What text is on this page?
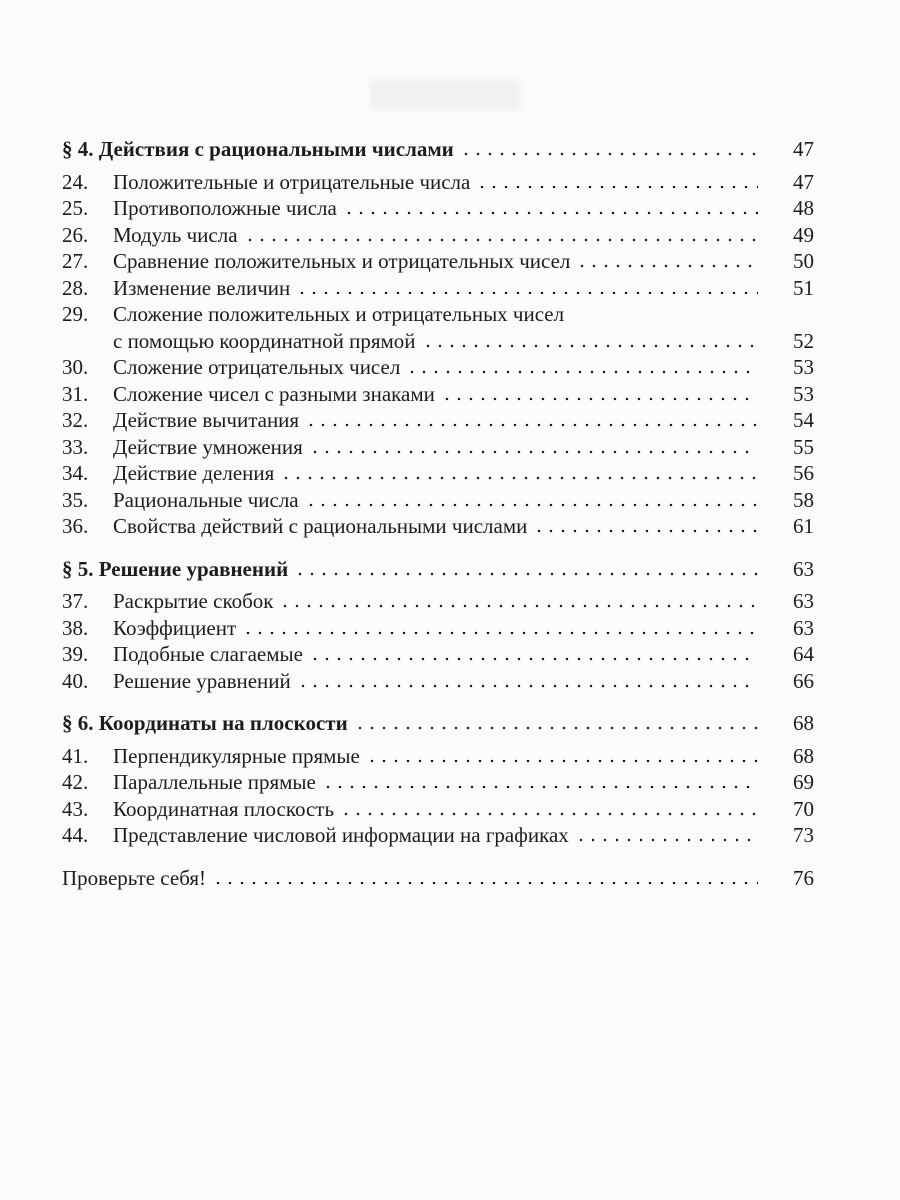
§ 4. Действия с рациональными числами	47
24.	Положительные и отрицательные числа	47
25.	Противоположные числа	48
26.	Модуль числа	49
27.	Сравнение положительных и отрицательных чисел	50
28.	Изменение величин	51
29.	Сложение положительных и отрицательных чисел
с помощью координатной прямой	52
30.	Сложение отрицательных чисел	53
31.	Сложение чисел с разными знаками	53
32.	Действие вычитания	54
33.	Действие умножения	55
34.	Действие деления	56
35.	Рациональные числа	58
36.	Свойства действий с рациональными числами	61
§ 5. Решение уравнений	63
37.	Раскрытие скобок	63
38.	Коэффициент	63
39.	Подобные слагаемые	64
40.	Решение уравнений	66
§ 6. Координаты на плоскости	68
41.	Перпендикулярные прямые	68
42.	Параллельные прямые	69
43.	Координатная плоскость	70
44.	Представление числовой информации на графиках	73
Проверьте себя!	76
